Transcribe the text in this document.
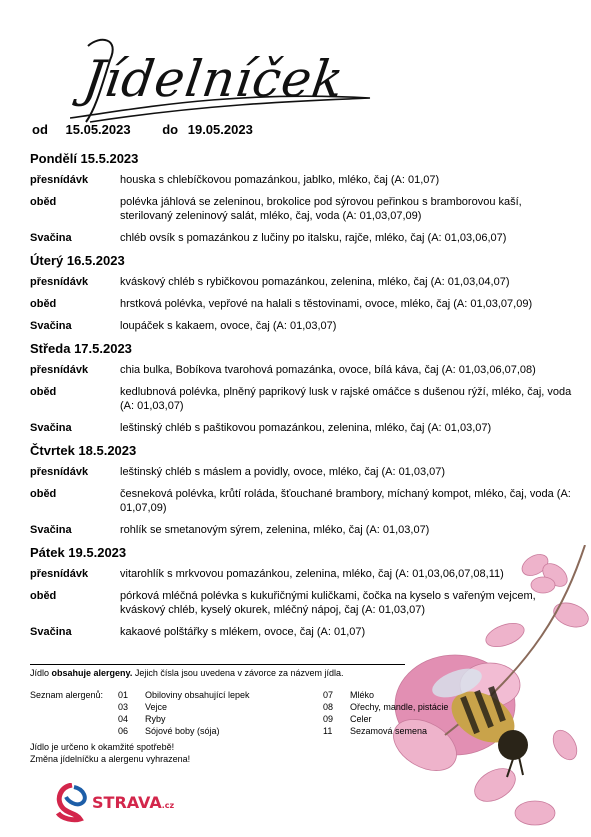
Jídelníček
od 15.05.2023 do 19.05.2023
Pondělí 15.5.2023
přesnídávk	houska s chlebíčkovou pomazánkou, jablko, mléko, čaj (A: 01,07)
oběd	polévka jáhlová se zeleninou, brokolice pod sýrovou peřinkou s bramborovou kaší, sterilovaný zeleninový salát, mléko, čaj, voda (A: 01,03,07,09)
Svačina	chléb ovsík s pomazánkou z lučiny po italsku, rajče, mléko, čaj (A: 01,03,06,07)
Úterý 16.5.2023
přesnídávk	kváskový chléb s rybičkovou pomazánkou, zelenina, mléko, čaj (A: 01,03,04,07)
oběd	hrstková polévka, vepřové na halali s těstovinami, ovoce, mléko, čaj (A: 01,03,07,09)
Svačina	loupáček s kakaem, ovoce, čaj (A: 01,03,07)
Středa 17.5.2023
přesnídávk	chia bulka, Bobíkova tvarohová pomazánka, ovoce, bílá káva, čaj (A: 01,03,06,07,08)
oběd	kedlubnová polévka, plněný paprikový lusk v rajské omáčce s dušenou rýží, mléko, čaj, voda (A: 01,03,07)
Svačina	leštinský chléb s paštikovou pomazánkou, zelenina, mléko, čaj (A: 01,03,07)
Čtvrtek 18.5.2023
přesnídávk	leštinský chléb s máslem a povidly, ovoce, mléko, čaj (A: 01,03,07)
oběd	česneková polévka, krůtí roláda, šťouchané brambory, míchaný kompot, mléko, čaj, voda (A: 01,07,09)
Svačina	rohlík se smetanovým sýrem, zelenina, mléko, čaj (A: 01,03,07)
Pátek 19.5.2023
přesnídávk	vitarohlík s mrkvovou pomazánkou, zelenina, mléko, čaj (A: 01,03,06,07,08,11)
oběd	pórková mléčná polévka s kukuřičnými kuličkami, čočka na kyselo s vařeným vejcem, kváskový chléb, kyselý okurek, mléčný nápoj, čaj (A: 01,03,07)
Svačina	kakaové polštářky s mlékem, ovoce, čaj (A: 01,07)
Jídlo obsahuje alergeny. Jejich čísla jsou uvedena v závorce za názvem jídla.
Seznam alergenů: 01 Obiloviny obsahující lepek
03 Vejce
04 Ryby
06 Sójové boby (sója)
07 Mléko
08 Ořechy, mandle, pistácie
09 Celer
11 Sezamová semena
Jídlo je určeno k okamžité spotřebě!
Změna jídelníčku a alergenu vyhrazena!
STRAVA.cz
